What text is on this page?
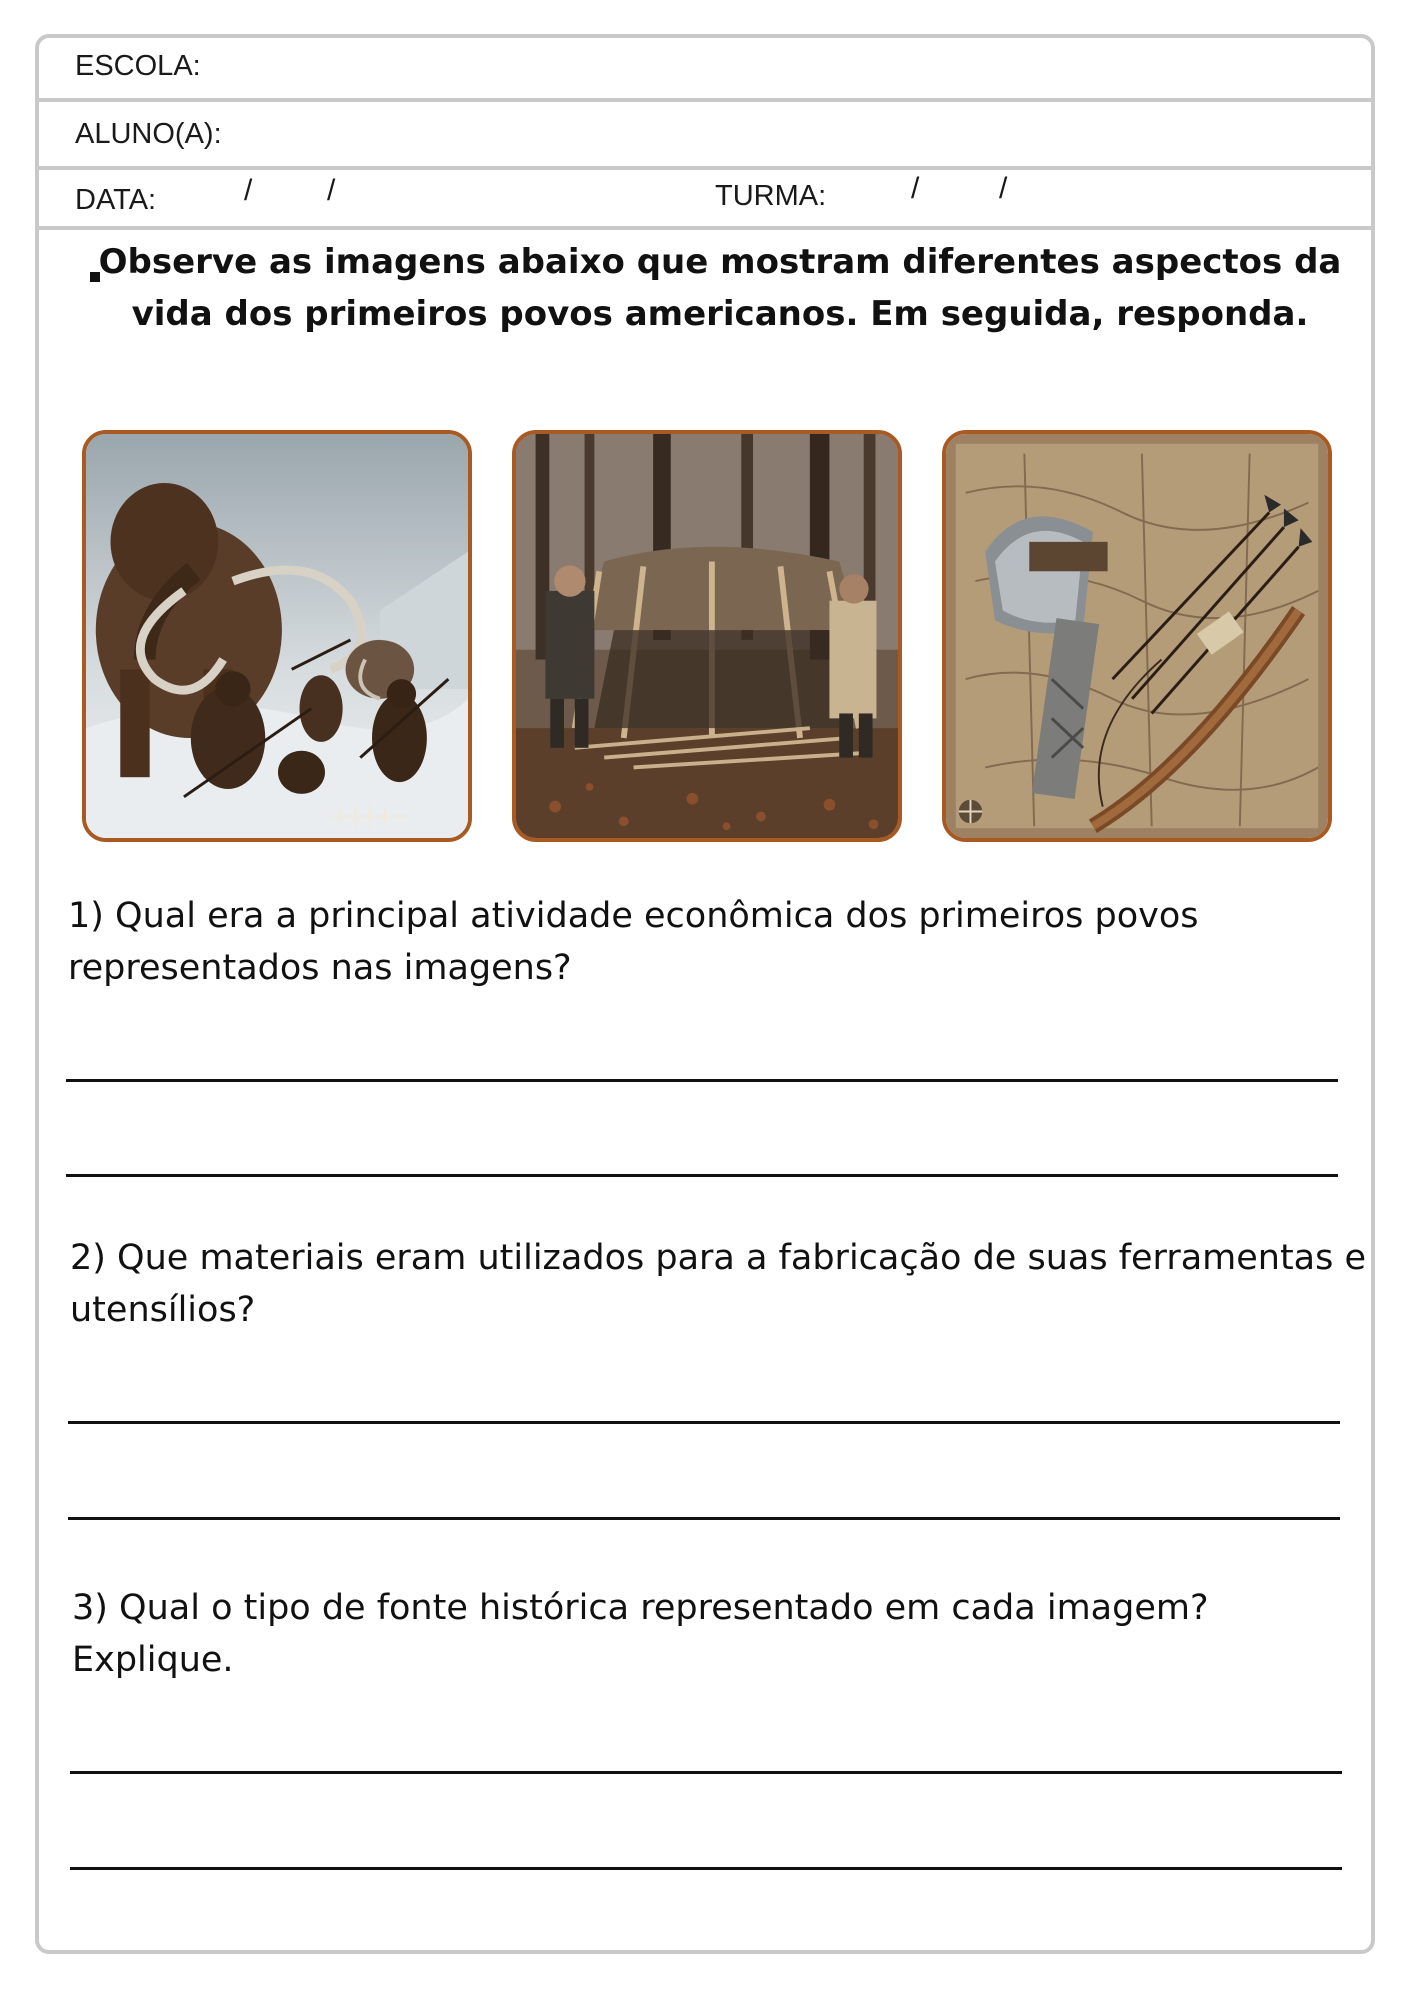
ESCOLA:
ALUNO(A):
DATA:	/ /	TURMA:	/	/
Observe as imagens abaixo que mostram diferentes aspectos da vida dos primeiros povos americanos. Em seguida, responda.
1) Qual era a principal atividade econômica dos primeiros povos representados nas imagens?
2) Que materiais eram utilizados para a fabricação de suas ferramentas e utensílios?
3) Qual o tipo de fonte histórica representado em cada imagem? Explique.
